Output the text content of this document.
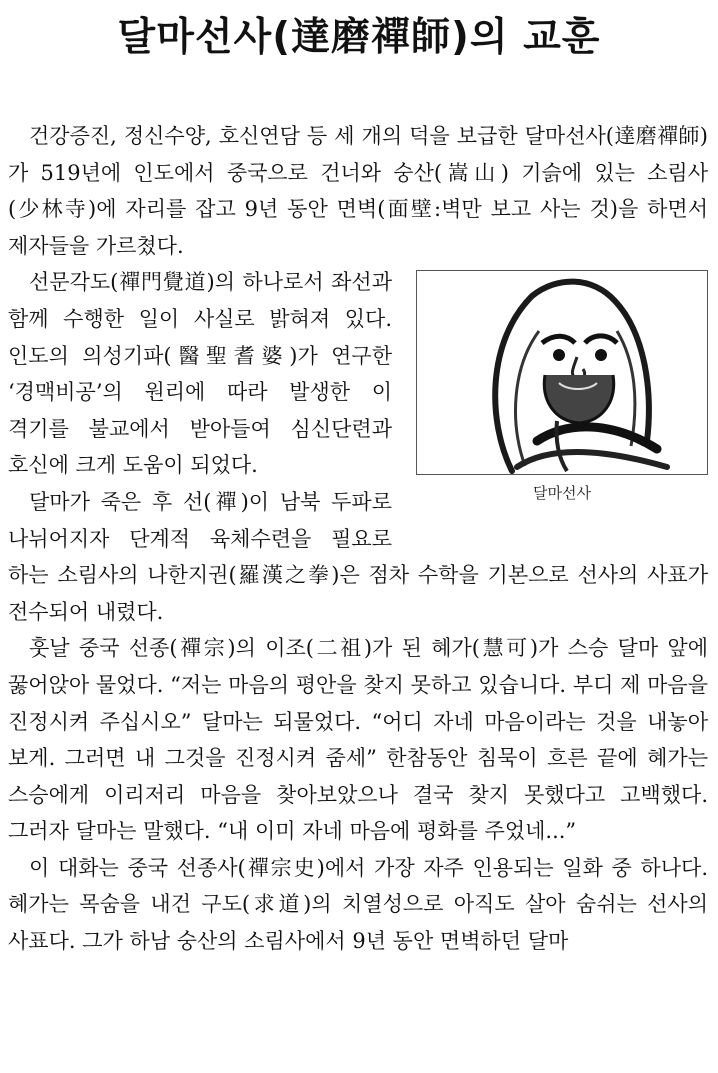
달마선사(達磨禪師)의 교훈

건강증진, 정신수양, 호신연담 등 세 개의 덕을 보급한 달마선사(達磨禪師)가 519년에 인도에서 중국으로 건너와 숭산(嵩山) 기슭에 있는 소림사(少林寺)에 자리를 잡고 9년 동안 면벽(面壁:벽만 보고 사는 것)을 하면서 제자들을 가르쳤다.

달마선사

선문각도(禪門覺道)의 하나로서 좌선과 함께 수행한 일이 사실로 밝혀져 있다. 인도의 의성기파(醫聖耆婆)가 연구한 ‘경맥비공’의 원리에 따라 발생한 이 격기를 불교에서 받아들여 심신단련과 호신에 크게 도움이 되었다.

달마가 죽은 후 선(禪)이 남북 두파로 나뉘어지자 단계적 육체수련을 필요로 하는 소림사의 나한지권(羅漢之拳)은 점차 수학을 기본으로 선사의 사표가 전수되어 내렸다.

훗날 중국 선종(禪宗)의 이조(二祖)가 된 혜가(慧可)가 스승 달마 앞에 꿇어앉아 물었다. “저는 마음의 평안을 찾지 못하고 있습니다. 부디 제 마음을 진정시켜 주십시오” 달마는 되물었다. “어디 자네 마음이라는 것을 내놓아 보게. 그러면 내 그것을 진정시켜 줌세” 한참동안 침묵이 흐른 끝에 혜가는 스승에게 이리저리 마음을 찾아보았으나 결국 찾지 못했다고 고백했다. 그러자 달마는 말했다. “내 이미 자네 마음에 평화를 주었네...”

이 대화는 중국 선종사(禪宗史)에서 가장 자주 인용되는 일화 중 하나다. 혜가는 목숨을 내건 구도(求道)의 치열성으로 아직도 살아 숨쉬는 선사의 사표다. 그가 하남 숭산의 소림사에서 9년 동안 면벽하던 달마
